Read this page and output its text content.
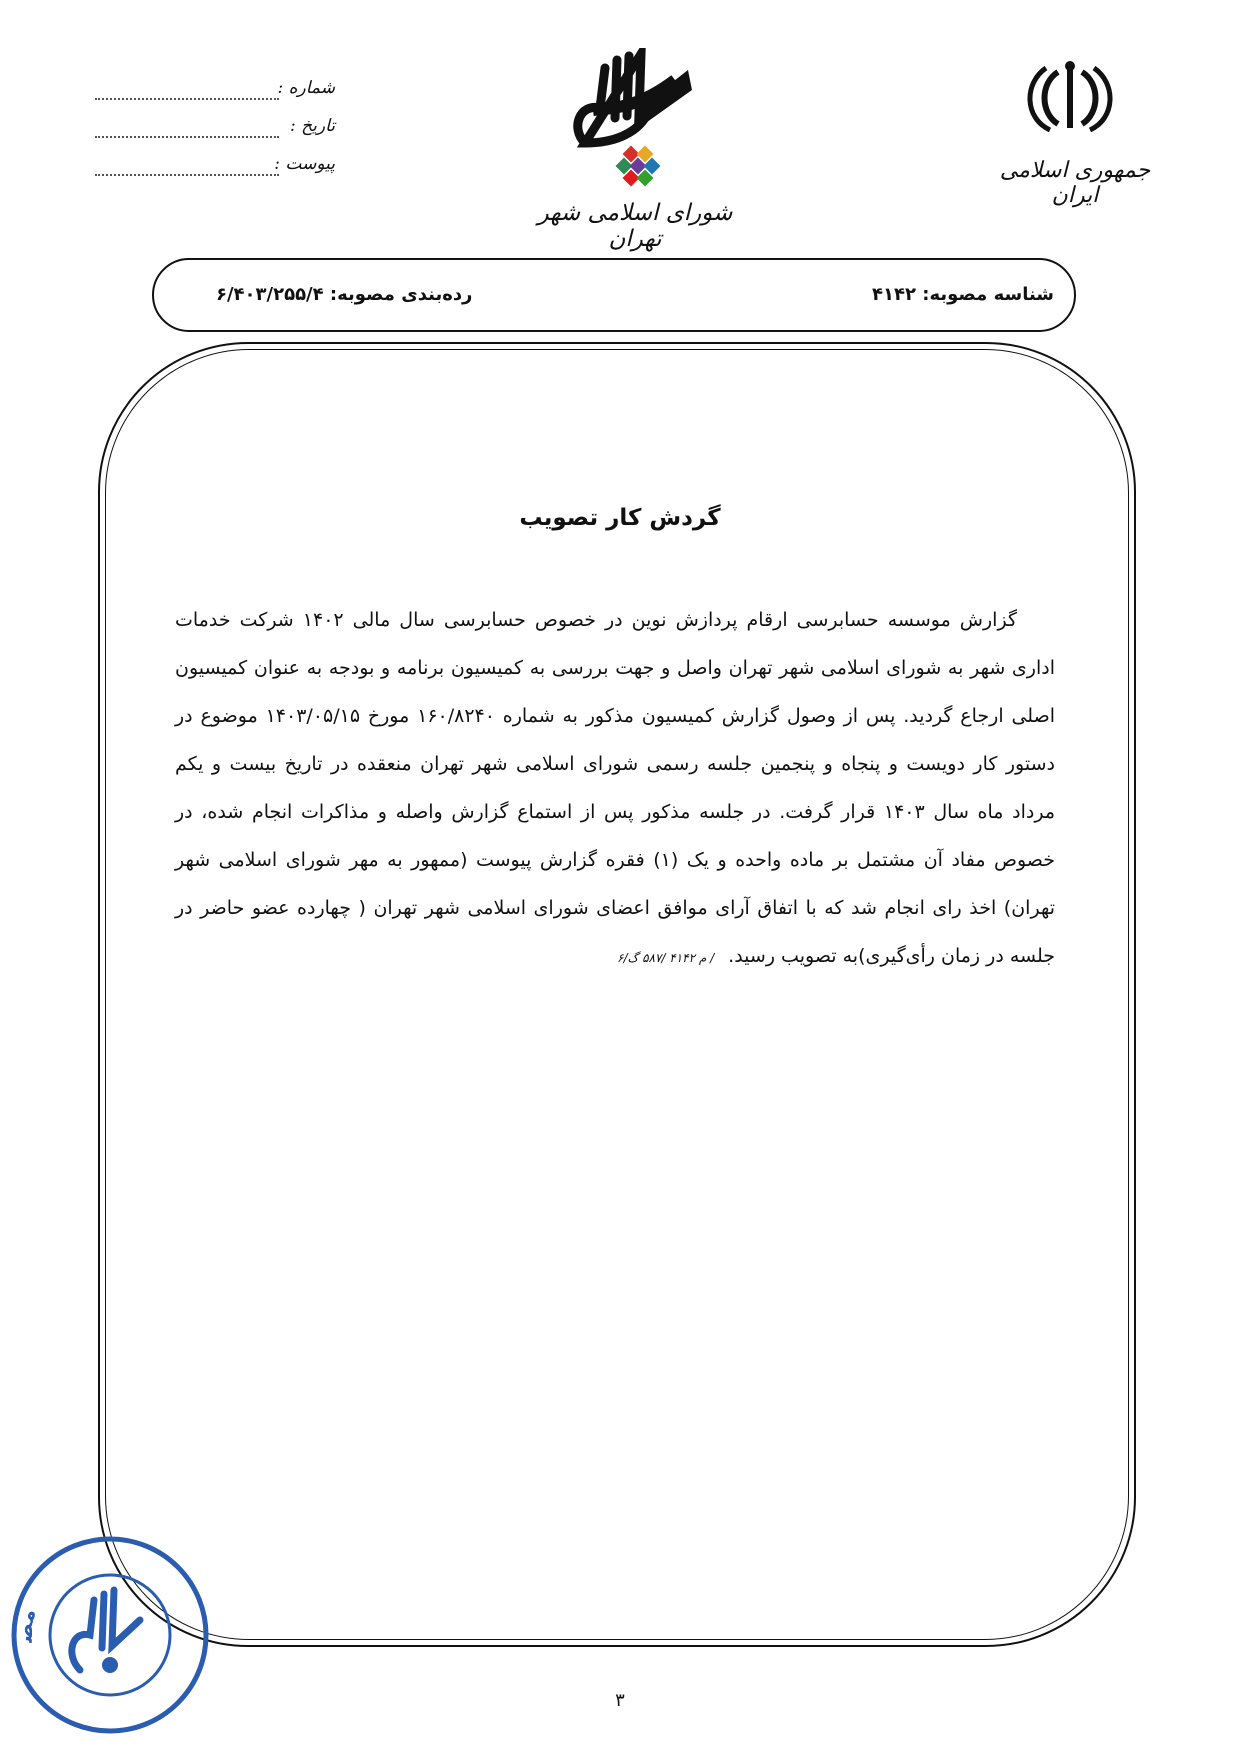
شماره :
تاریخ :
پیوست :
شورای اسلامی شهر تهران
جمهوری اسلامی ایران
شناسه مصوبه: ۴۱۴۲
رده‌بندی مصوبه: ۶/۴۰۳/۲۵۵/۴
گردش کار تصویب

گزارش موسسه حسابرسی ارقام پردازش نوین در خصوص حسابرسی سال مالی ۱۴۰۲ شرکت خدمات اداری شهر به شورای اسلامی شهر تهران واصل و جهت بررسی به کمیسیون برنامه و بودجه به عنوان کمیسیون اصلی ارجاع گردید. پس از وصول گزارش کمیسیون مذکور به شماره ۱۶۰/۸۲۴۰ مورخ ۱۴۰۳/۰۵/۱۵ موضوع در دستور کار دویست و پنجاه و پنجمین جلسه رسمی شورای اسلامی شهر تهران منعقده در تاریخ بیست و یکم مرداد ماه سال ۱۴۰۳ قرار گرفت. در جلسه مذکور پس از استماع گزارش واصله و مذاکرات انجام شده، در خصوص مفاد آن مشتمل بر ماده واحده و یک (۱) فقره گزارش پیوست (ممهور به مهر شورای اسلامی شهر تهران) اخذ رای انجام شد که با اتفاق آرای موافق اعضای شورای اسلامی شهر تهران ( چهارده عضو حاضر در جلسه در زمان رأی‌گیری)به تصویب رسید./ م ۴۱۴۲ /۵۸۷ گ/۶

مص
۳
